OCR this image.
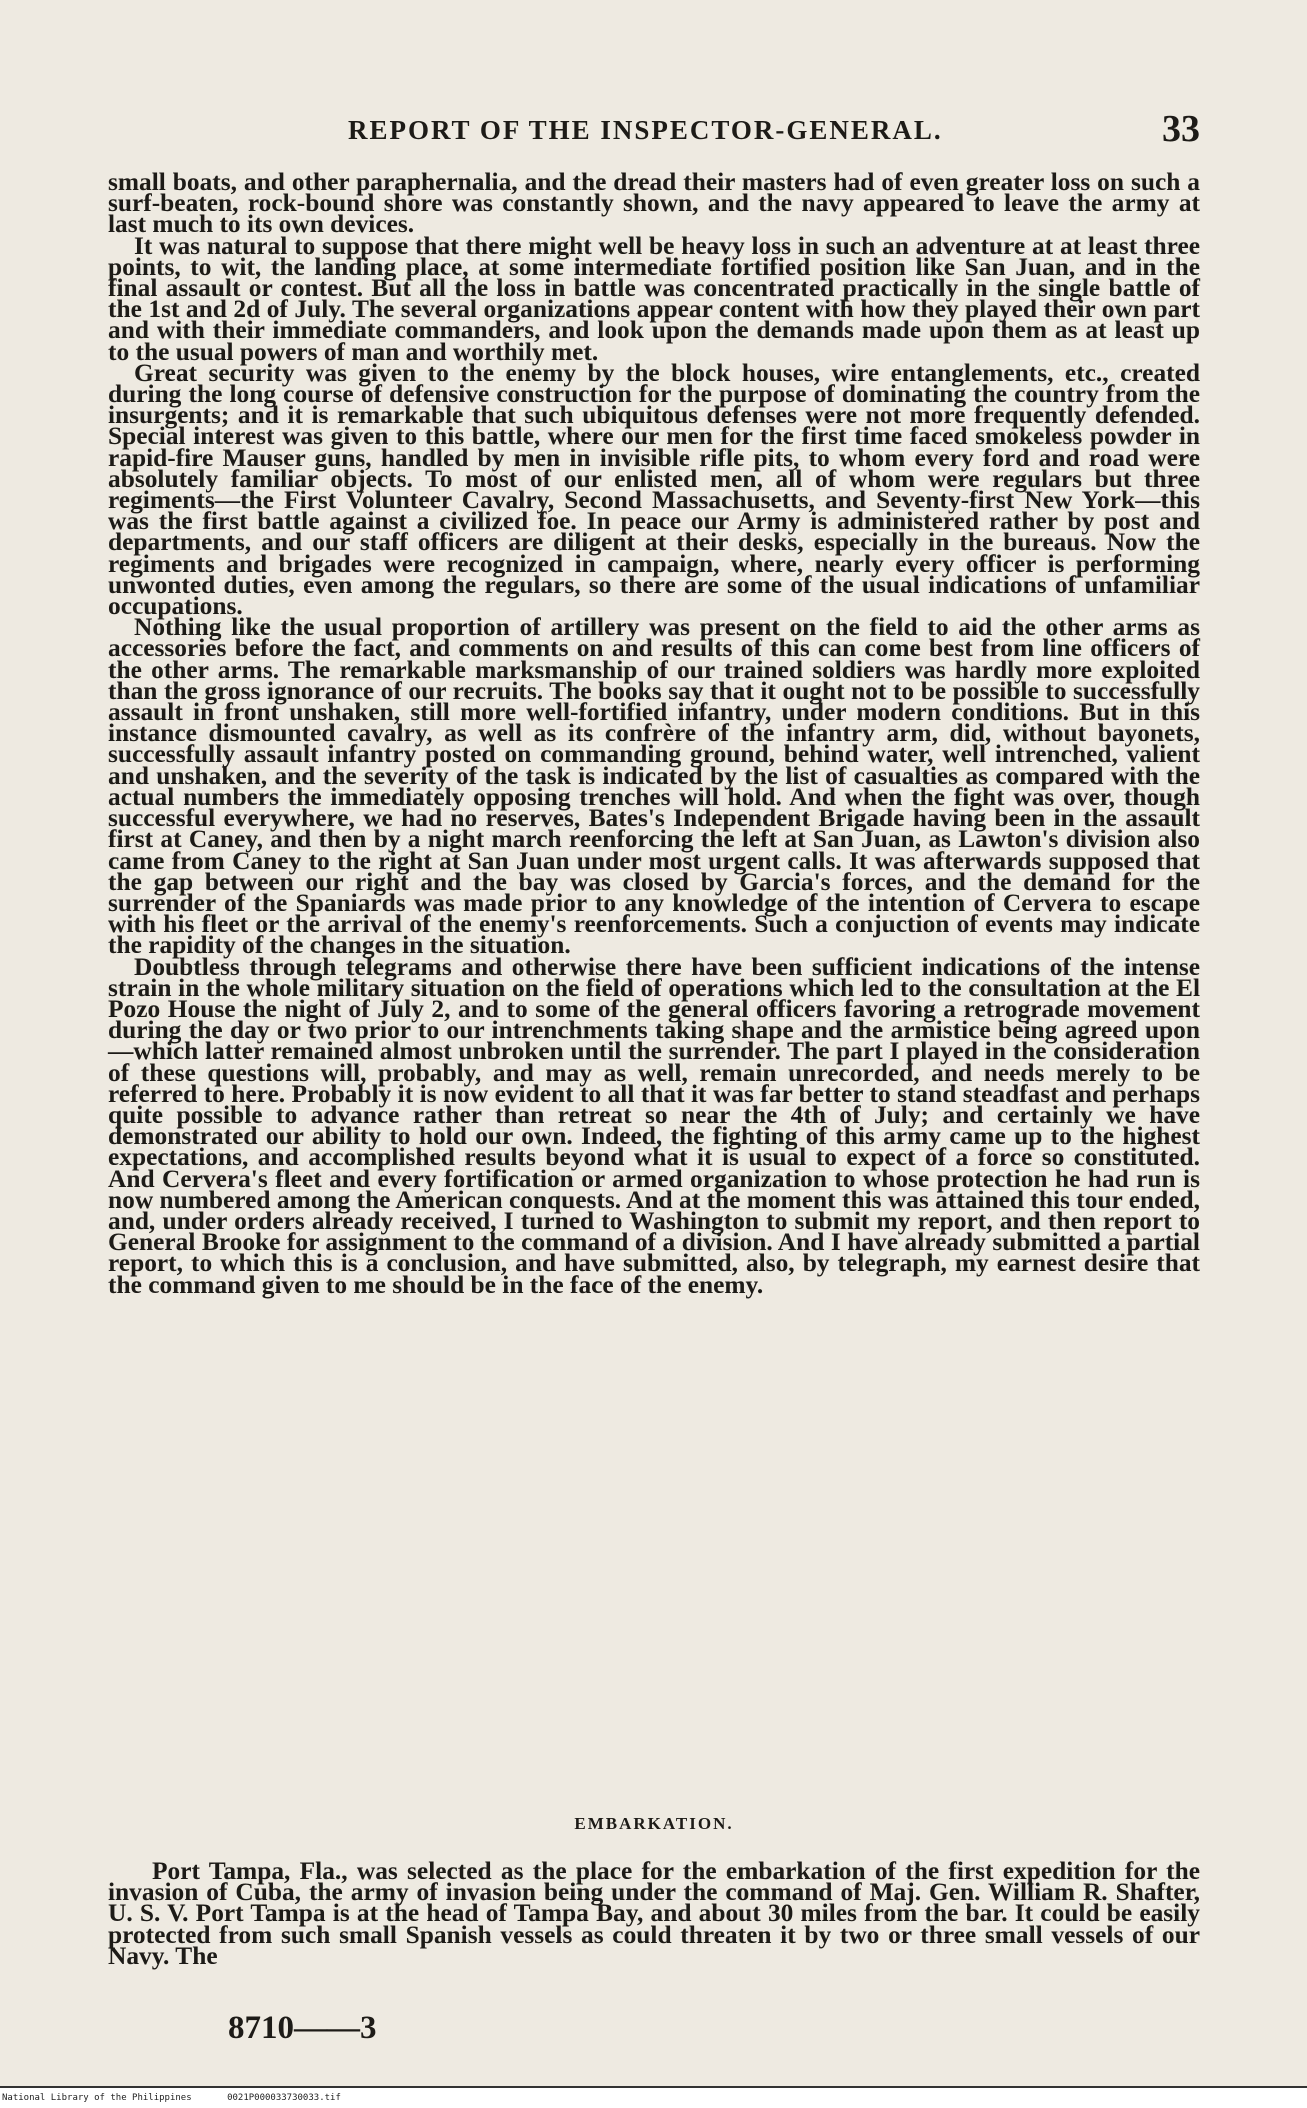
REPORT OF THE INSPECTOR-GENERAL.	33

small boats, and other paraphernalia, and the dread their masters had of even greater loss on such a surf-beaten, rock-bound shore was constantly shown, and the navy appeared to leave the army at last much to its own devices.

It was natural to suppose that there might well be heavy loss in such an adventure at at least three points, to wit, the landing place, at some intermediate fortified position like San Juan, and in the final assault or contest. But all the loss in battle was concentrated practically in the single battle of the 1st and 2d of July. The several organizations appear content with how they played their own part and with their immediate commanders, and look upon the demands made upon them as at least up to the usual powers of man and worthily met.

Great security was given to the enemy by the block houses, wire entanglements, etc., created during the long course of defensive construction for the purpose of dominating the country from the insurgents; and it is remarkable that such ubiquitous defenses were not more frequently defended. Special interest was given to this battle, where our men for the first time faced smokeless powder in rapid-fire Mauser guns, handled by men in invisible rifle pits, to whom every ford and road were absolutely familiar objects. To most of our enlisted men, all of whom were regulars but three regiments—the First Volunteer Cavalry, Second Massachusetts, and Seventy-first New York—this was the first battle against a civilized foe. In peace our Army is administered rather by post and departments, and our staff officers are diligent at their desks, especially in the bureaus. Now the regiments and brigades were recognized in campaign, where, nearly every officer is performing unwonted duties, even among the regulars, so there are some of the usual indications of unfamiliar occupations.

Nothing like the usual proportion of artillery was present on the field to aid the other arms as accessories before the fact, and comments on and results of this can come best from line officers of the other arms. The remarkable marksmanship of our trained soldiers was hardly more exploited than the gross ignorance of our recruits. The books say that it ought not to be possible to successfully assault in front unshaken, still more well-fortified infantry, under modern conditions. But in this instance dismounted cavalry, as well as its confrère of the infantry arm, did, without bayonets, successfully assault infantry posted on commanding ground, behind water, well intrenched, valient and unshaken, and the severity of the task is indicated by the list of casualties as compared with the actual numbers the immediately opposing trenches will hold. And when the fight was over, though successful everywhere, we had no reserves, Bates's Independent Brigade having been in the assault first at Caney, and then by a night march reenforcing the left at San Juan, as Lawton's division also came from Caney to the right at San Juan under most urgent calls. It was afterwards supposed that the gap between our right and the bay was closed by Garcia's forces, and the demand for the surrender of the Spaniards was made prior to any knowledge of the intention of Cervera to escape with his fleet or the arrival of the enemy's reenforcements. Such a conjuction of events may indicate the rapidity of the changes in the situation.

Doubtless through telegrams and otherwise there have been sufficient indications of the intense strain in the whole military situation on the field of operations which led to the consultation at the El Pozo House the night of July 2, and to some of the general officers favoring a retrograde movement during the day or two prior to our intrenchments taking shape and the armistice being agreed upon—which latter remained almost unbroken until the surrender. The part I played in the consideration of these questions will, probably, and may as well, remain unrecorded, and needs merely to be referred to here. Probably it is now evident to all that it was far better to stand steadfast and perhaps quite possible to advance rather than retreat so near the 4th of July; and certainly we have demonstrated our ability to hold our own. Indeed, the fighting of this army came up to the highest expectations, and accomplished results beyond what it is usual to expect of a force so constituted. And Cervera's fleet and every fortification or armed organization to whose protection he had run is now numbered among the American conquests. And at the moment this was attained this tour ended, and, under orders already received, I turned to Washington to submit my report, and then report to General Brooke for assignment to the command of a division. And I have already submitted a partial report, to which this is a conclusion, and have submitted, also, by telegraph, my earnest desire that the command given to me should be in the face of the enemy.

EMBARKATION.

Port Tampa, Fla., was selected as the place for the embarkation of the first expedition for the invasion of Cuba, the army of invasion being under the command of Maj. Gen. William R. Shafter, U. S. V. Port Tampa is at the head of Tampa Bay, and about 30 miles from the bar. It could be easily protected from such small Spanish vessels as could threaten it by two or three small vessels of our Navy. The

8710——3
National Library of the Philippines	0021P000033730033.tif
